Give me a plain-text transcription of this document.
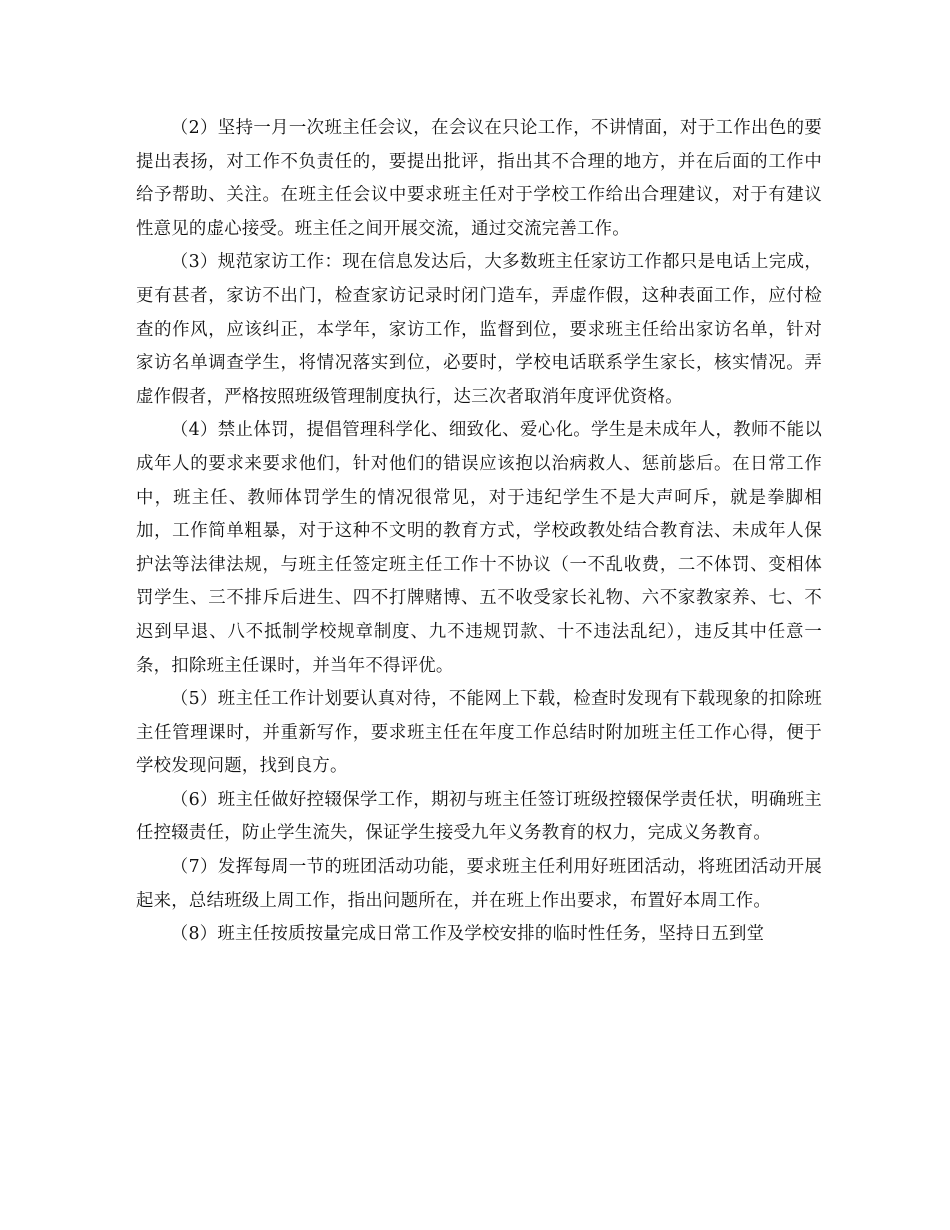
（2）坚持一月一次班主任会议，在会议在只论工作，不讲情面，对于工作出色的要提出表扬，对工作不负责任的，要提出批评，指出其不合理的地方，并在后面的工作中给予帮助、关注。在班主任会议中要求班主任对于学校工作给出合理建议，对于有建议性意见的虚心接受。班主任之间开展交流，通过交流完善工作。

（3）规范家访工作：现在信息发达后，大多数班主任家访工作都只是电话上完成，更有甚者，家访不出门，检查家访记录时闭门造车，弄虚作假，这种表面工作，应付检查的作风，应该纠正，本学年，家访工作，监督到位，要求班主任给出家访名单，针对家访名单调查学生，将情况落实到位，必要时，学校电话联系学生家长，核实情况。弄虚作假者，严格按照班级管理制度执行，达三次者取消年度评优资格。

（4）禁止体罚，提倡管理科学化、细致化、爱心化。学生是未成年人，教师不能以成年人的要求来要求他们，针对他们的错误应该抱以治病救人、惩前毖后。在日常工作中，班主任、教师体罚学生的情况很常见，对于违纪学生不是大声呵斥，就是拳脚相加，工作简单粗暴，对于这种不文明的教育方式，学校政教处结合教育法、未成年人保护法等法律法规，与班主任签定班主任工作十不协议（一不乱收费，二不体罚、变相体罚学生、三不排斥后进生、四不打牌赌博、五不收受家长礼物、六不家教家养、七、不迟到早退、八不抵制学校规章制度、九不违规罚款、十不违法乱纪），违反其中任意一条，扣除班主任课时，并当年不得评优。

（5）班主任工作计划要认真对待，不能网上下载，检查时发现有下载现象的扣除班主任管理课时，并重新写作，要求班主任在年度工作总结时附加班主任工作心得，便于学校发现问题，找到良方。

（6）班主任做好控辍保学工作，期初与班主任签订班级控辍保学责任状，明确班主任控辍责任，防止学生流失，保证学生接受九年义务教育的权力，完成义务教育。

（7）发挥每周一节的班团活动功能，要求班主任利用好班团活动，将班团活动开展起来，总结班级上周工作，指出问题所在，并在班上作出要求，布置好本周工作。

（8）班主任按质按量完成日常工作及学校安排的临时性任务，坚持日五到堂
